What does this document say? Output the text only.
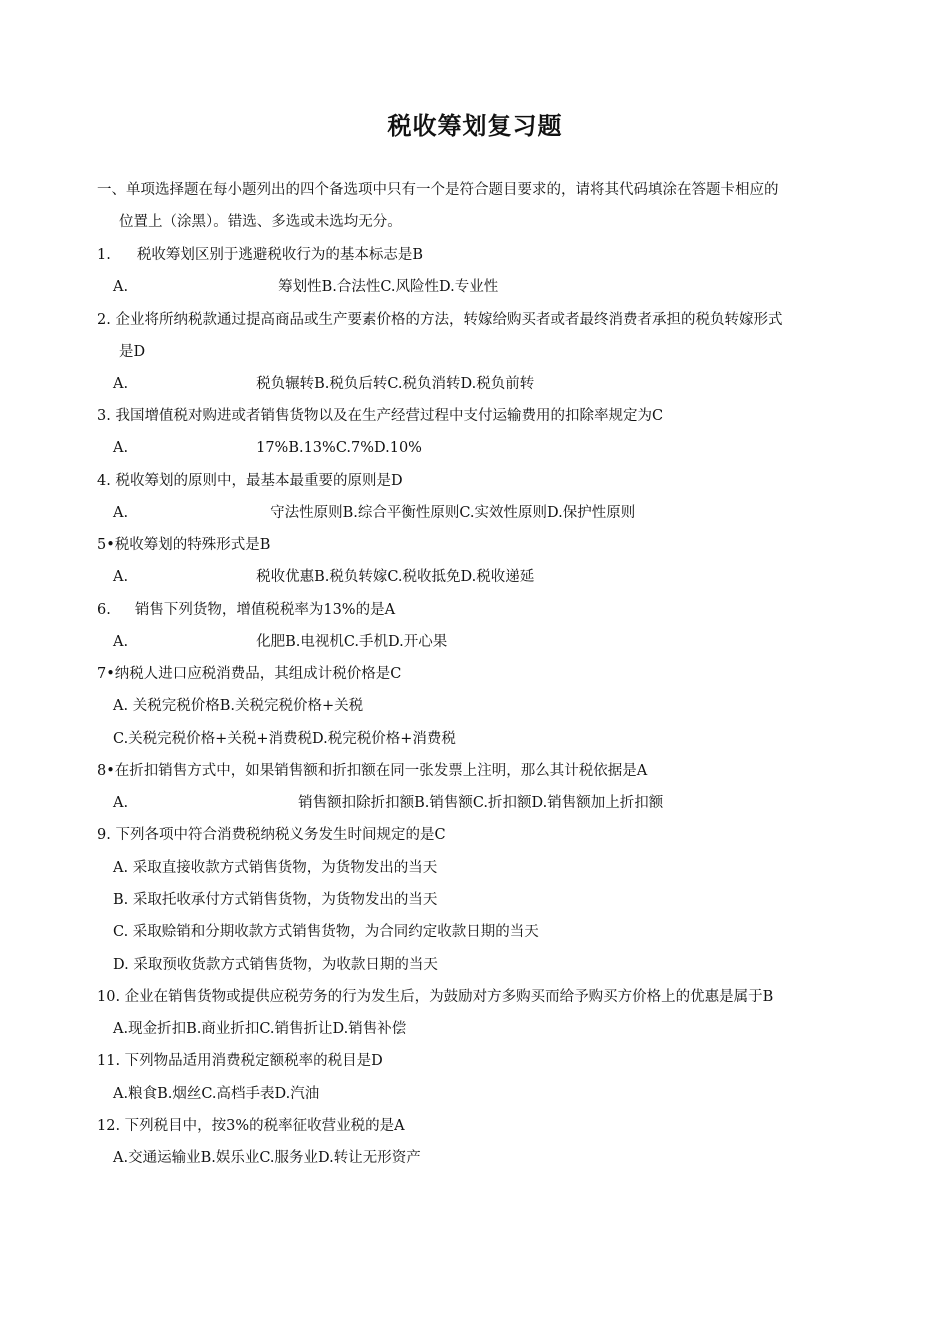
税收筹划复习题
一、单项选择题在每小题列出的四个备选项中只有一个是符合题目要求的，请将其代码填涂在答题卡相应的
位置上（涂黑）。错选、多选或未选均无分。
1. 税收筹划区别于逃避税收行为的基本标志是B
A.	筹划性B.合法性C.风险性D.专业性
2. 企业将所纳税款通过提高商品或生产要素价格的方法，转嫁给购买者或者最终消费者承担的税负转嫁形式
是D
A.	税负辗转B.税负后转C.税负消转D.税负前转
3. 我国增值税对购进或者销售货物以及在生产经营过程中支付运输费用的扣除率规定为C
A.	17%B.13%C.7%D.10%
4. 税收筹划的原则中，最基本最重要的原则是D
A.	守法性原则B.综合平衡性原则C.实效性原则D.保护性原则
5•税收筹划的特殊形式是B
A.	税收优惠B.税负转嫁C.税收抵免D.税收递延
6. 销售下列货物，增值税税率为13%的是A
A.	化肥B.电视机C.手机D.开心果
7•纳税人进口应税消费品，其组成计税价格是C
A. 关税完税价格B.关税完税价格+关税
C.关税完税价格+关税+消费税D.税完税价格+消费税
8•在折扣销售方式中，如果销售额和折扣额在同一张发票上注明，那么其计税依据是A
A.	销售额扣除折扣额B.销售额C.折扣额D.销售额加上折扣额
9. 下列各项中符合消费税纳税义务发生时间规定的是C
A. 采取直接收款方式销售货物，为货物发出的当天
B. 采取托收承付方式销售货物，为货物发出的当天
C. 采取赊销和分期收款方式销售货物，为合同约定收款日期的当天
D. 采取预收货款方式销售货物，为收款日期的当天
10. 企业在销售货物或提供应税劳务的行为发生后，为鼓励对方多购买而给予购买方价格上的优惠是属于B
A.现金折扣B.商业折扣C.销售折让D.销售补偿
11. 下列物品适用消费税定额税率的税目是D
A.粮食B.烟丝C.高档手表D.汽油
12. 下列税目中，按3%的税率征收营业税的是A
A.交通运输业B.娱乐业C.服务业D.转让无形资产
